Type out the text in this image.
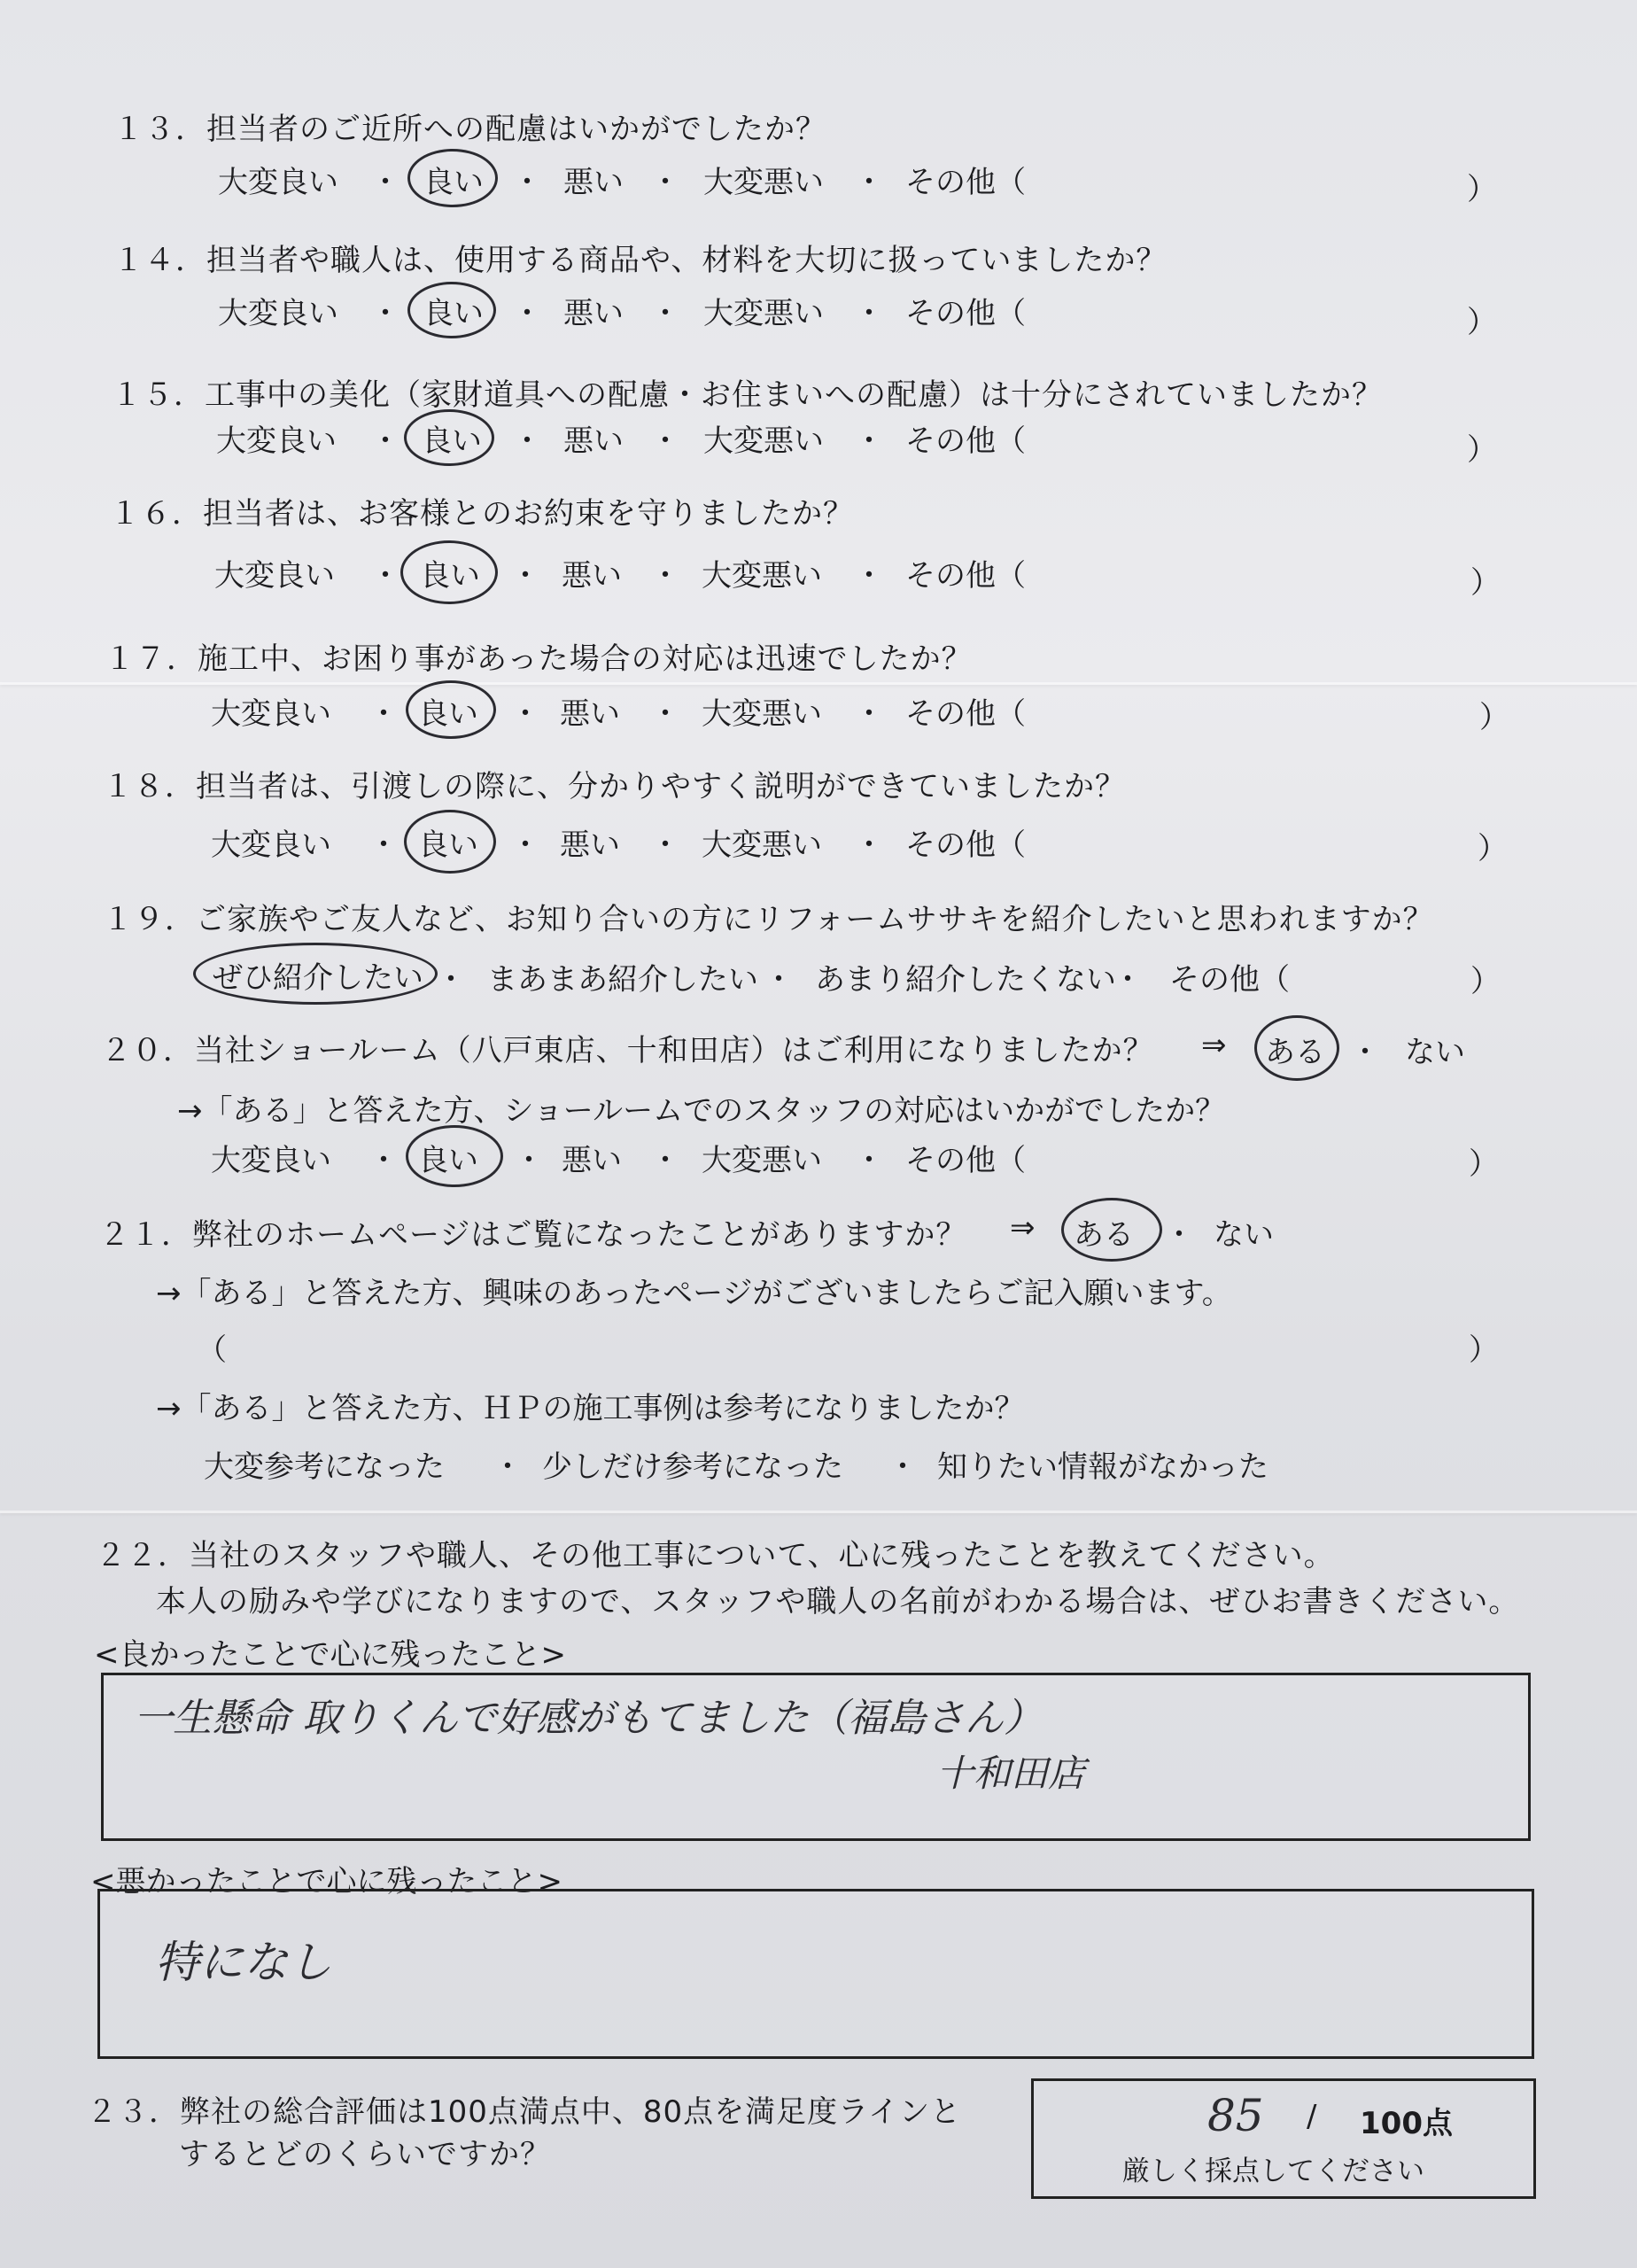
１３．担当者のご近所への配慮はいかがでしたか？
大変良い ・ 良い ・ 悪い ・ 大変悪い ・ その他（	）
１４．担当者や職人は、使用する商品や、材料を大切に扱っていましたか？
大変良い ・ 良い ・ 悪い ・ 大変悪い ・ その他（	）
１５．工事中の美化（家財道具への配慮・お住まいへの配慮）は十分にされていましたか？
大変良い ・ 良い ・ 悪い ・ 大変悪い ・ その他（	）
１６．担当者は、お客様とのお約束を守りましたか？
大変良い ・ 良い ・ 悪い ・ 大変悪い ・ その他（	）
１７．施工中、お困り事があった場合の対応は迅速でしたか？
大変良い ・ 良い ・ 悪い ・ 大変悪い ・ その他（	）
１８．担当者は、引渡しの際に、分かりやすく説明ができていましたか？
大変良い ・ 良い ・ 悪い ・ 大変悪い ・ その他（	）
１９．ご家族やご友人など、お知り合いの方にリフォームササキを紹介したいと思われますか？
ぜひ紹介したい ・ まあまあ紹介したい ・ あまり紹介したくない
・ その他（	）
２０．当社ショールーム（八戸東店、十和田店）はご利用になりましたか？ ⇒ ある ・ ない
→「ある」と答えた方、ショールームでのスタッフの対応はいかがでしたか？
大変良い ・ 良い ・ 悪い ・ 大変悪い ・ その他（	）
２１．弊社のホームページはご覧になったことがありますか？ ⇒ ある ・ ない
→「ある」と答えた方、興味のあったページがございましたらご記入願います。
（	）
→「ある」と答えた方、ＨＰの施工事例は参考になりましたか？
大変参考になった ・ 少しだけ参考になった ・ 知りたい情報がなかった
２２．当社のスタッフや職人、その他工事について、心に残ったことを教えてください。
本人の励みや学びになりますので、スタッフや職人の名前がわかる場合は、ぜひお書きください。
<良かったことで心に残ったこと>
一生懸命 取りくんで好感がもてました（福島さん）
十和田店
<悪かったことで心に残ったこと>
特になし
２３．弊社の総合評価は100点満点中、80点を満足度ラインと
するとどのくらいですか？
85 / 100点
厳しく採点してください
